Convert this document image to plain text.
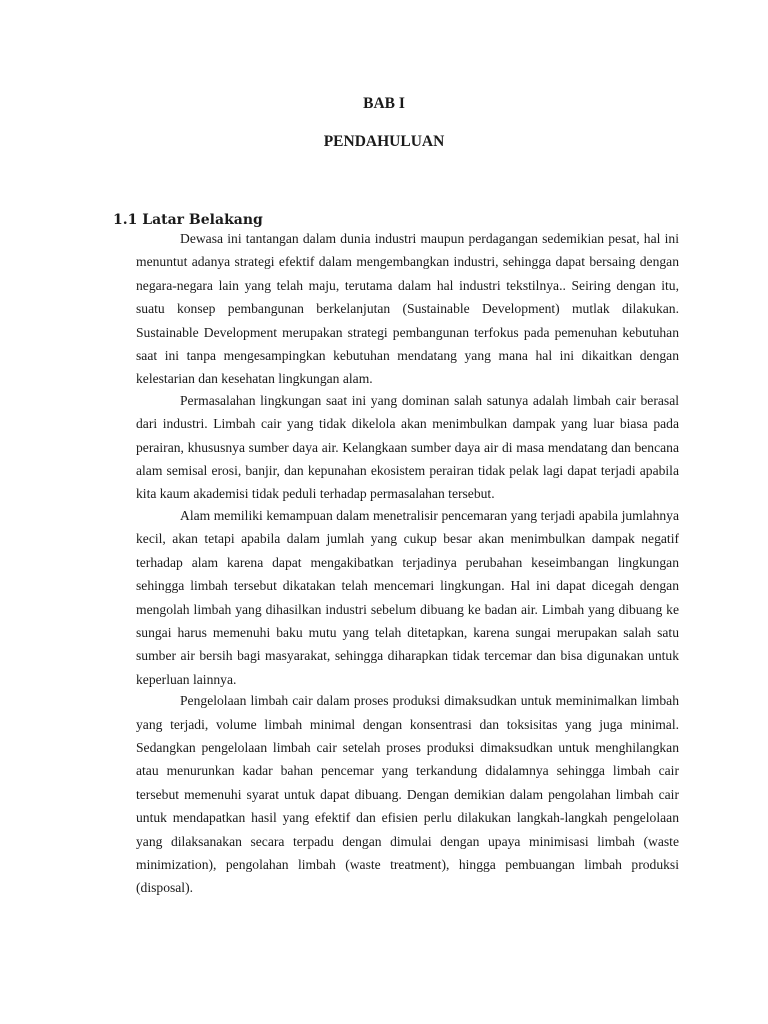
BAB I
PENDAHULUAN
1.1 Latar Belakang

Dewasa ini tantangan dalam dunia industri maupun perdagangan sedemikian pesat, hal ini menuntut adanya strategi efektif dalam mengembangkan industri, sehingga dapat bersaing dengan negara-negara lain yang telah maju, terutama dalam hal industri tekstilnya.. Seiring dengan itu, suatu konsep pembangunan berkelanjutan (Sustainable Development) mutlak dilakukan. Sustainable Development merupakan strategi pembangunan terfokus pada pemenuhan kebutuhan saat ini tanpa mengesampingkan kebutuhan mendatang yang mana hal ini dikaitkan dengan kelestarian dan kesehatan lingkungan alam.

Permasalahan lingkungan saat ini yang dominan salah satunya adalah limbah cair berasal dari industri. Limbah cair yang tidak dikelola akan menimbulkan dampak yang luar biasa pada perairan, khususnya sumber daya air. Kelangkaan sumber daya air di masa mendatang dan bencana alam semisal erosi, banjir, dan kepunahan ekosistem perairan tidak pelak lagi dapat terjadi apabila kita kaum akademisi tidak peduli terhadap permasalahan tersebut.

Alam memiliki kemampuan dalam menetralisir pencemaran yang terjadi apabila jumlahnya kecil, akan tetapi apabila dalam jumlah yang cukup besar akan menimbulkan dampak negatif terhadap alam karena dapat mengakibatkan terjadinya perubahan keseimbangan lingkungan sehingga limbah tersebut dikatakan telah mencemari lingkungan. Hal ini dapat dicegah dengan mengolah limbah yang dihasilkan industri sebelum dibuang ke badan air. Limbah yang dibuang ke sungai harus memenuhi baku mutu yang telah ditetapkan, karena sungai merupakan salah satu sumber air bersih bagi masyarakat, sehingga diharapkan tidak tercemar dan bisa digunakan untuk keperluan lainnya.

Pengelolaan limbah cair dalam proses produksi dimaksudkan untuk meminimalkan limbah yang terjadi, volume limbah minimal dengan konsentrasi dan toksisitas yang juga minimal. Sedangkan pengelolaan limbah cair setelah proses produksi dimaksudkan untuk menghilangkan atau menurunkan kadar bahan pencemar yang terkandung didalamnya sehingga limbah cair tersebut memenuhi syarat untuk dapat dibuang. Dengan demikian dalam pengolahan limbah cair untuk mendapatkan hasil yang efektif dan efisien perlu dilakukan langkah-langkah pengelolaan yang dilaksanakan secara terpadu dengan dimulai dengan upaya minimisasi limbah (waste minimization), pengolahan limbah (waste treatment), hingga pembuangan limbah produksi (disposal).
